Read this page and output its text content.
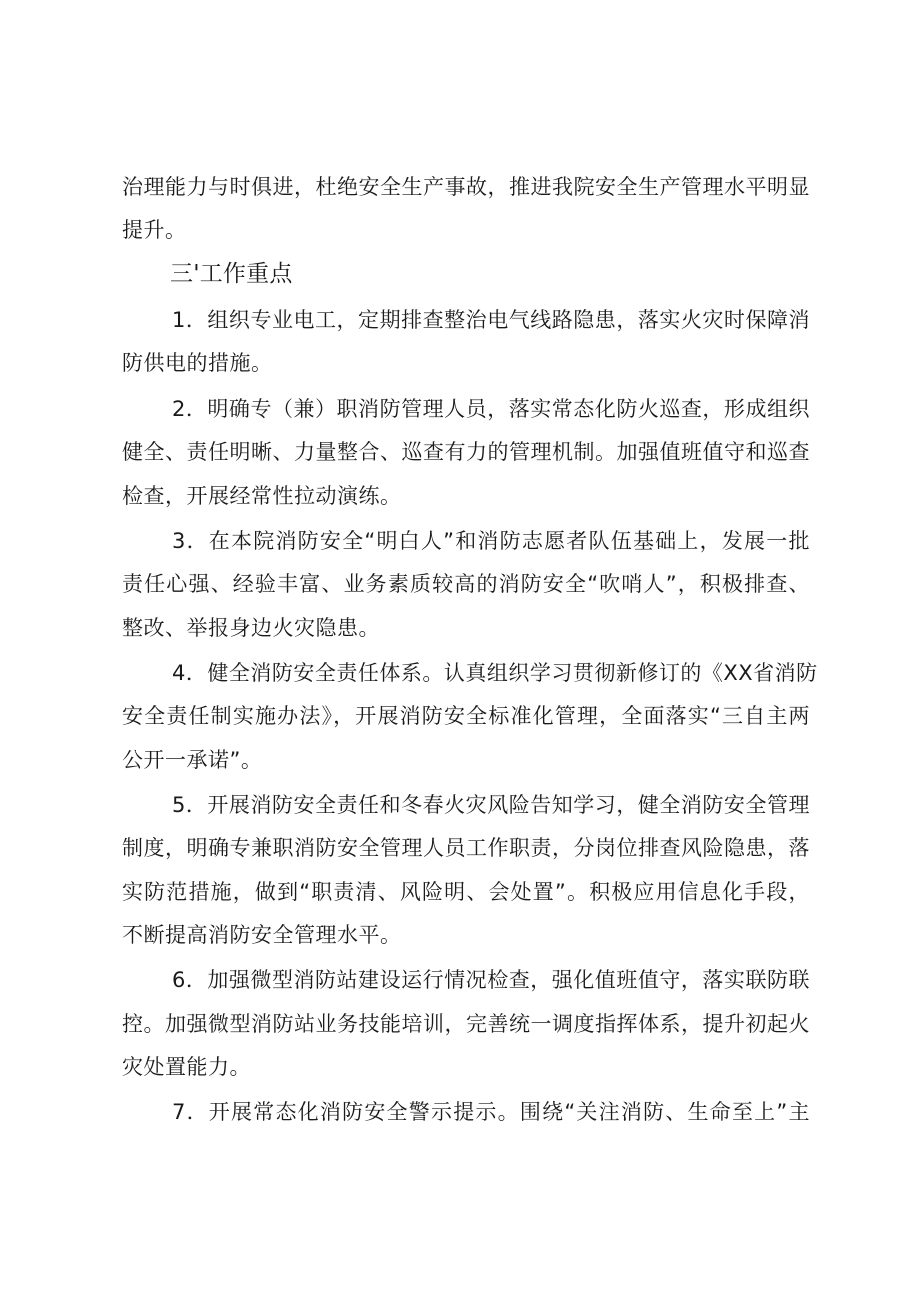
治理能力与时俱进，杜绝安全生产事故，推进我院安全生产管理水平明显
提升。
三'工作重点
1．组织专业电工，定期排查整治电气线路隐患，落实火灾时保障消
防供电的措施。
2．明确专（兼）职消防管理人员，落实常态化防火巡查，形成组织
健全、责任明晰、力量整合、巡查有力的管理机制。加强值班值守和巡查
检查，开展经常性拉动演练。
3．在本院消防安全“明白人”和消防志愿者队伍基础上，发展一批
责任心强、经验丰富、业务素质较高的消防安全“吹哨人”，积极排查、
整改、举报身边火灾隐患。
4．健全消防安全责任体系。认真组织学习贯彻新修订的《XX省消防
安全责任制实施办法》，开展消防安全标准化管理，全面落实“三自主两
公开一承诺”。
5．开展消防安全责任和冬春火灾风险告知学习，健全消防安全管理
制度，明确专兼职消防安全管理人员工作职责，分岗位排查风险隐患，落
实防范措施，做到“职责清、风险明、会处置”。积极应用信息化手段，
不断提高消防安全管理水平。
6．加强微型消防站建设运行情况检查，强化值班值守，落实联防联
控。加强微型消防站业务技能培训，完善统一调度指挥体系，提升初起火
灾处置能力。
7．开展常态化消防安全警示提示。围绕“关注消防、生命至上”主
